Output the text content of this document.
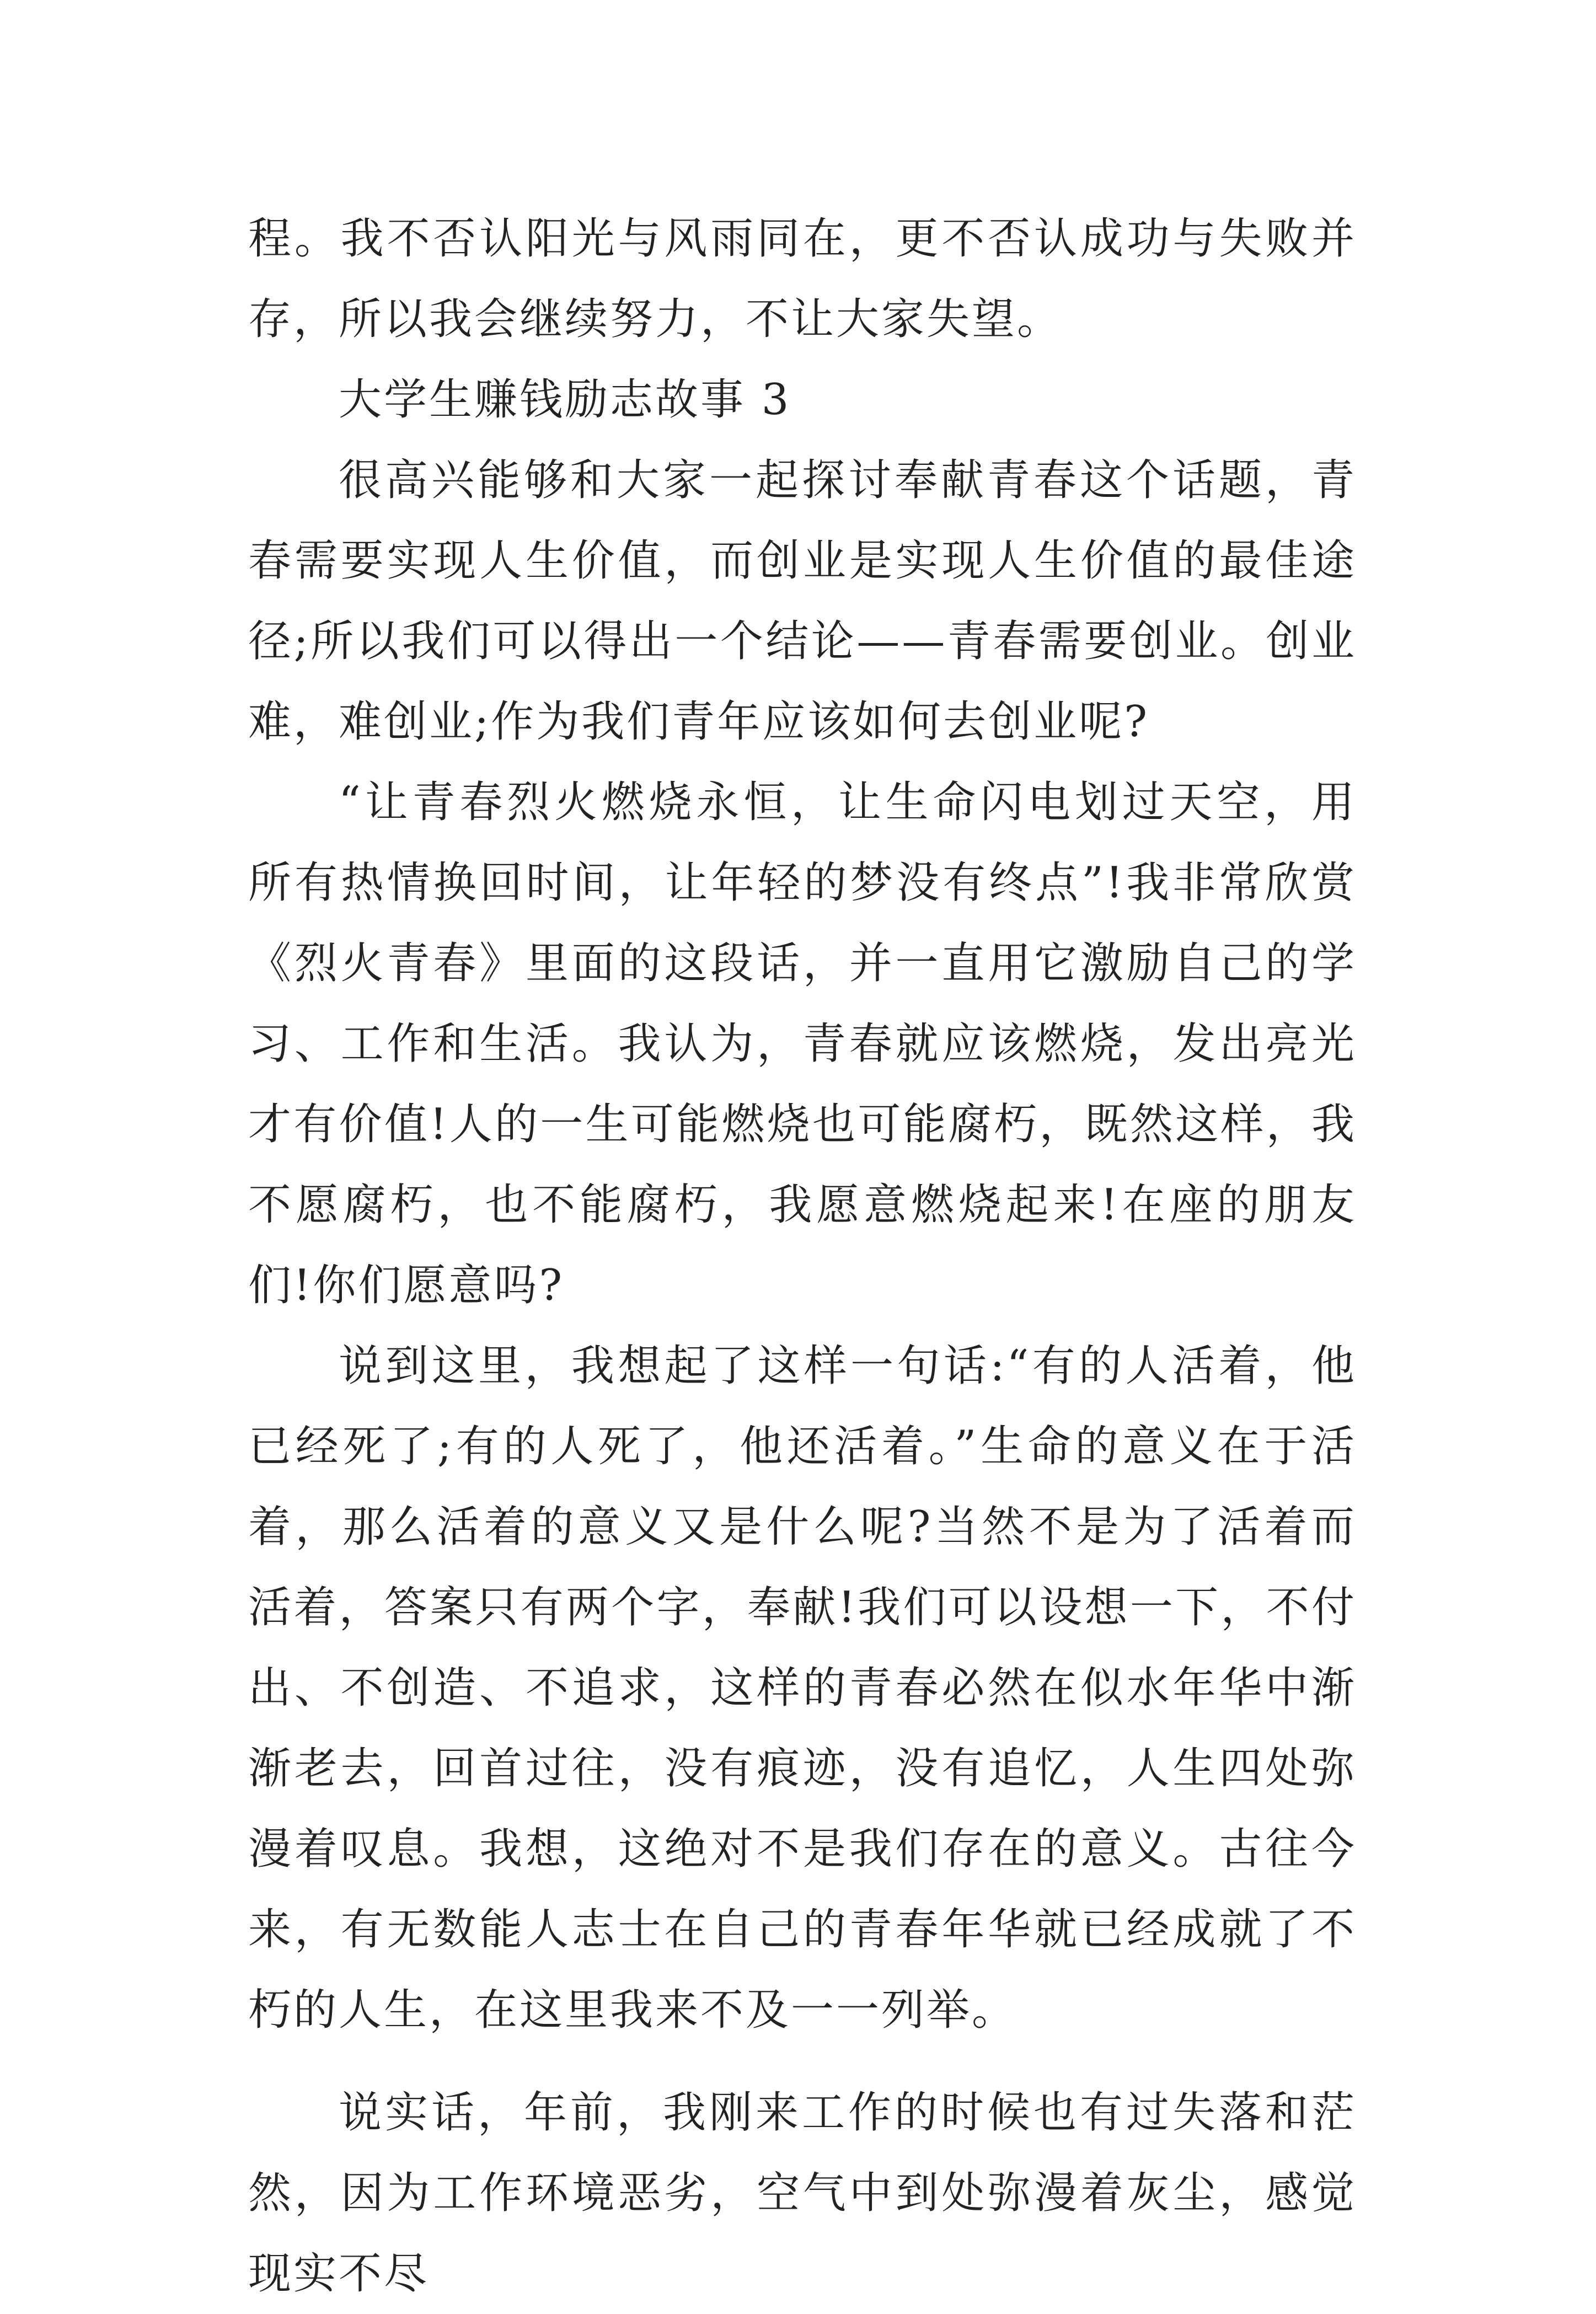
程。我不否认阳光与风雨同在，更不否认成功与失败并存，所以我会继续努力，不让大家失望。

大学生赚钱励志故事 3

很高兴能够和大家一起探讨奉献青春这个话题，青春需要实现人生价值，而创业是实现人生价值的最佳途径;所以我们可以得出一个结论——青春需要创业。创业难，难创业;作为我们青年应该如何去创业呢?

“让青春烈火燃烧永恒，让生命闪电划过天空，用所有热情换回时间，让年轻的梦没有终点”!我非常欣赏《烈火青春》里面的这段话，并一直用它激励自己的学习、工作和生活。我认为，青春就应该燃烧，发出亮光才有价值!人的一生可能燃烧也可能腐朽，既然这样，我不愿腐朽，也不能腐朽，我愿意燃烧起来!在座的朋友们!你们愿意吗?

说到这里，我想起了这样一句话:“有的人活着，他已经死了;有的人死了，他还活着。”生命的意义在于活着，那么活着的意义又是什么呢?当然不是为了活着而活着，答案只有两个字，奉献!我们可以设想一下，不付出、不创造、不追求，这样的青春必然在似水年华中渐渐老去，回首过往，没有痕迹，没有追忆，人生四处弥漫着叹息。我想，这绝对不是我们存在的意义。古往今来，有无数能人志士在自己的青春年华就已经成就了不朽的人生，在这里我来不及一一列举。

说实话，年前，我刚来工作的时候也有过失落和茫然，因为工作环境恶劣，空气中到处弥漫着灰尘，感觉现实不尽
